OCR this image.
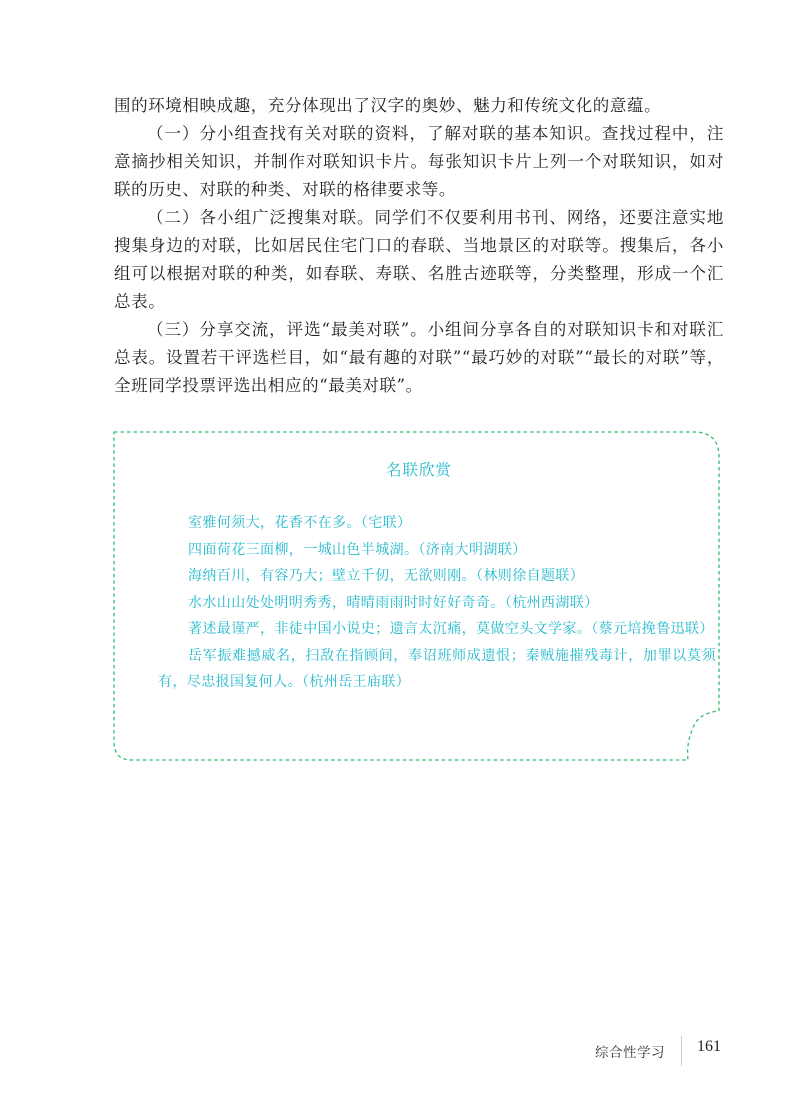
围的环境相映成趣，充分体现出了汉字的奥妙、魅力和传统文化的意蕴。

（一）分小组查找有关对联的资料，了解对联的基本知识。查找过程中，注意摘抄相关知识，并制作对联知识卡片。每张知识卡片上列一个对联知识，如对联的历史、对联的种类、对联的格律要求等。

（二）各小组广泛搜集对联。同学们不仅要利用书刊、网络，还要注意实地搜集身边的对联，比如居民住宅门口的春联、当地景区的对联等。搜集后，各小组可以根据对联的种类，如春联、寿联、名胜古迹联等，分类整理，形成一个汇总表。

（三）分享交流，评选“最美对联”。小组间分享各自的对联知识卡和对联汇总表。设置若干评选栏目，如“最有趣的对联”“最巧妙的对联”“最长的对联”等，全班同学投票评选出相应的“最美对联”。

名联欣赏

室雅何须大，花香不在多。（宅联）

四面荷花三面柳，一城山色半城湖。（济南大明湖联）

海纳百川，有容乃大；壁立千仞，无欲则刚。（林则徐自题联）

水水山山处处明明秀秀，晴晴雨雨时时好好奇奇。（杭州西湖联）

著述最谨严，非徒中国小说史；遗言太沉痛，莫做空头文学家。（蔡元培挽鲁迅联）

岳军振难撼威名，扫敌在指顾间，奉诏班师成遗恨；秦贼施摧残毒计，加罪以莫须有，尽忠报国复何人。（杭州岳王庙联）

综合性学习 161
